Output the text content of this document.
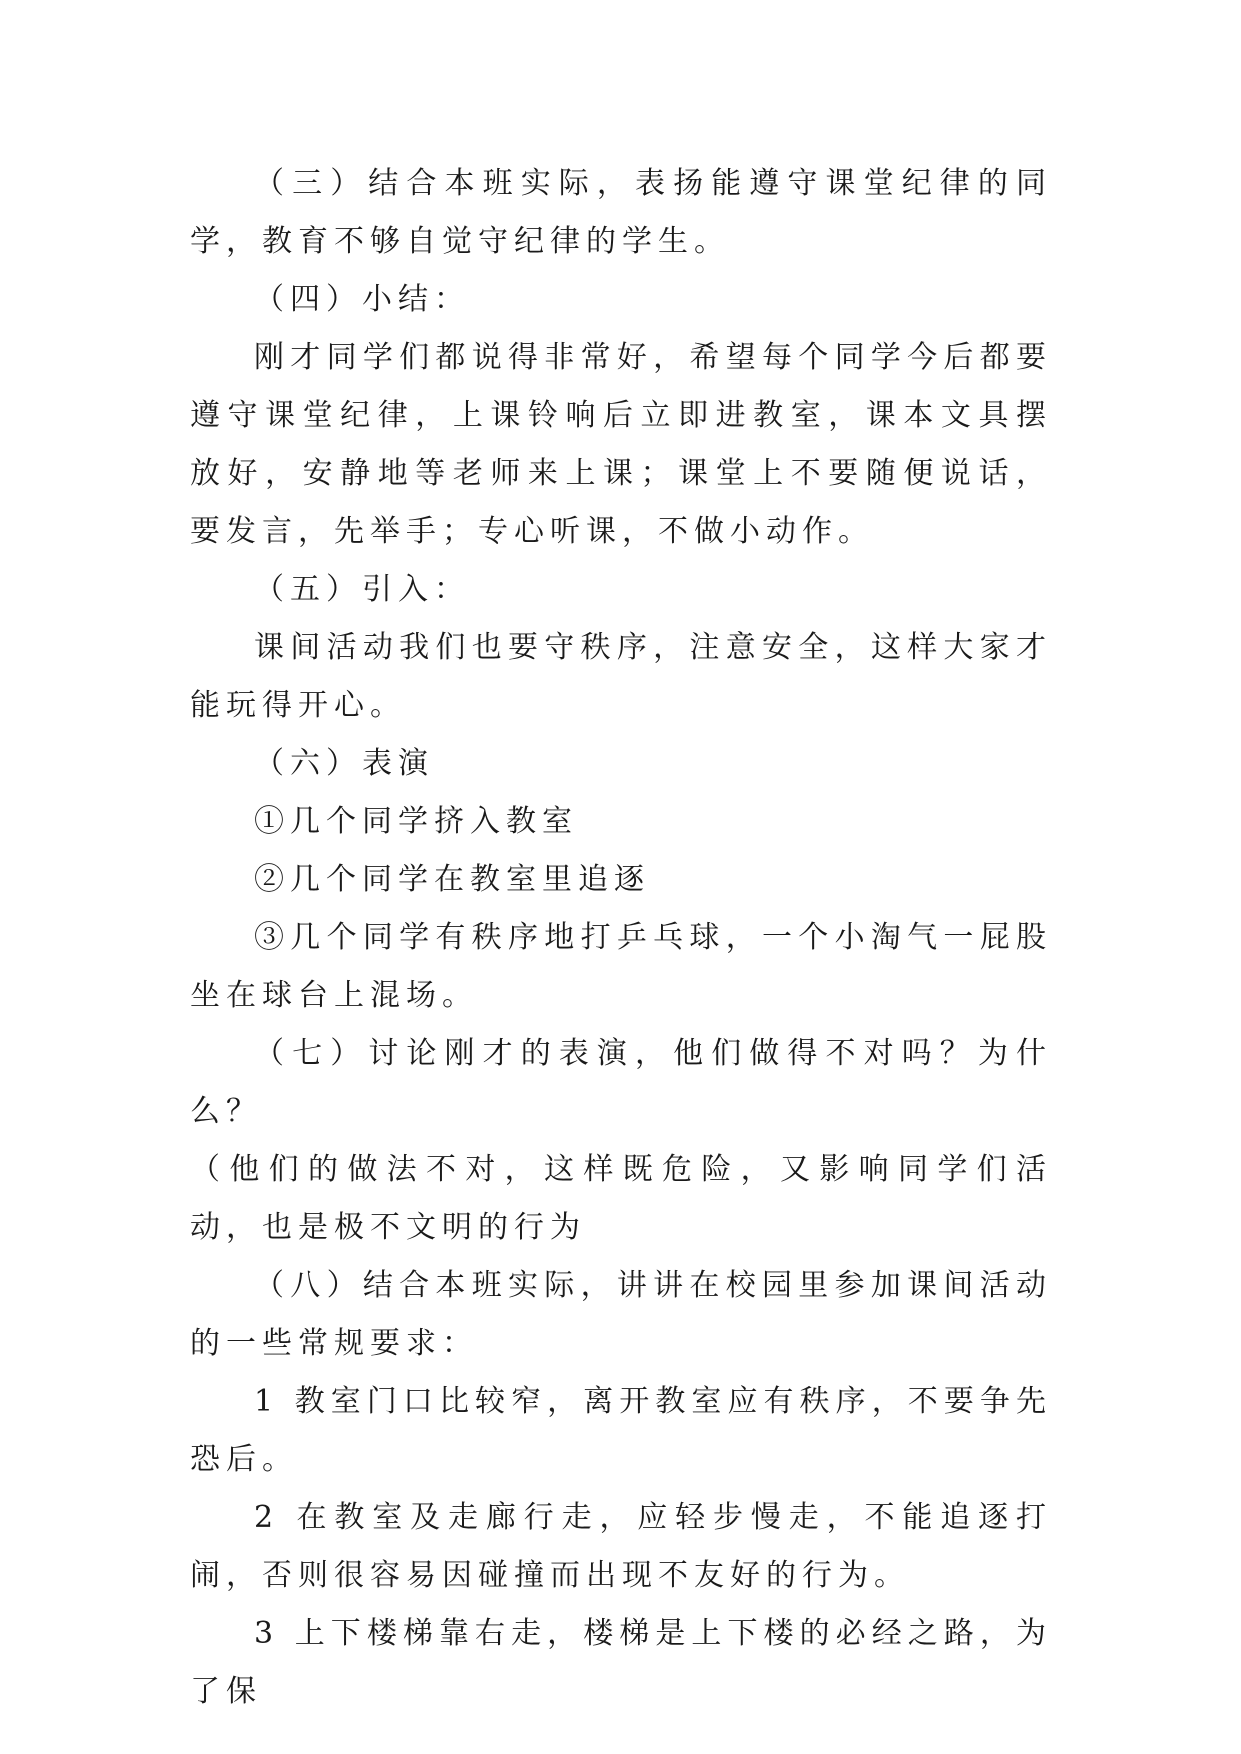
（三）结合本班实际，表扬能遵守课堂纪律的同学，教育不够自觉守纪律的学生。

（四）小结：

刚才同学们都说得非常好，希望每个同学今后都要遵守课堂纪律，上课铃响后立即进教室，课本文具摆放好，安静地等老师来上课；课堂上不要随便说话，要发言，先举手；专心听课，不做小动作。

（五）引入：

课间活动我们也要守秩序，注意安全，这样大家才能玩得开心。

（六）表演

①几个同学挤入教室

②几个同学在教室里追逐

③几个同学有秩序地打乒乓球，一个小淘气一屁股坐在球台上混场。

（七）讨论刚才的表演，他们做得不对吗？为什么？

（他们的做法不对，这样既危险，又影响同学们活动，也是极不文明的行为

（八）结合本班实际，讲讲在校园里参加课间活动的一些常规要求：

1 教室门口比较窄，离开教室应有秩序，不要争先恐后。

2 在教室及走廊行走，应轻步慢走，不能追逐打闹，否则很容易因碰撞而出现不友好的行为。

3 上下楼梯靠右走，楼梯是上下楼的必经之路，为了保
